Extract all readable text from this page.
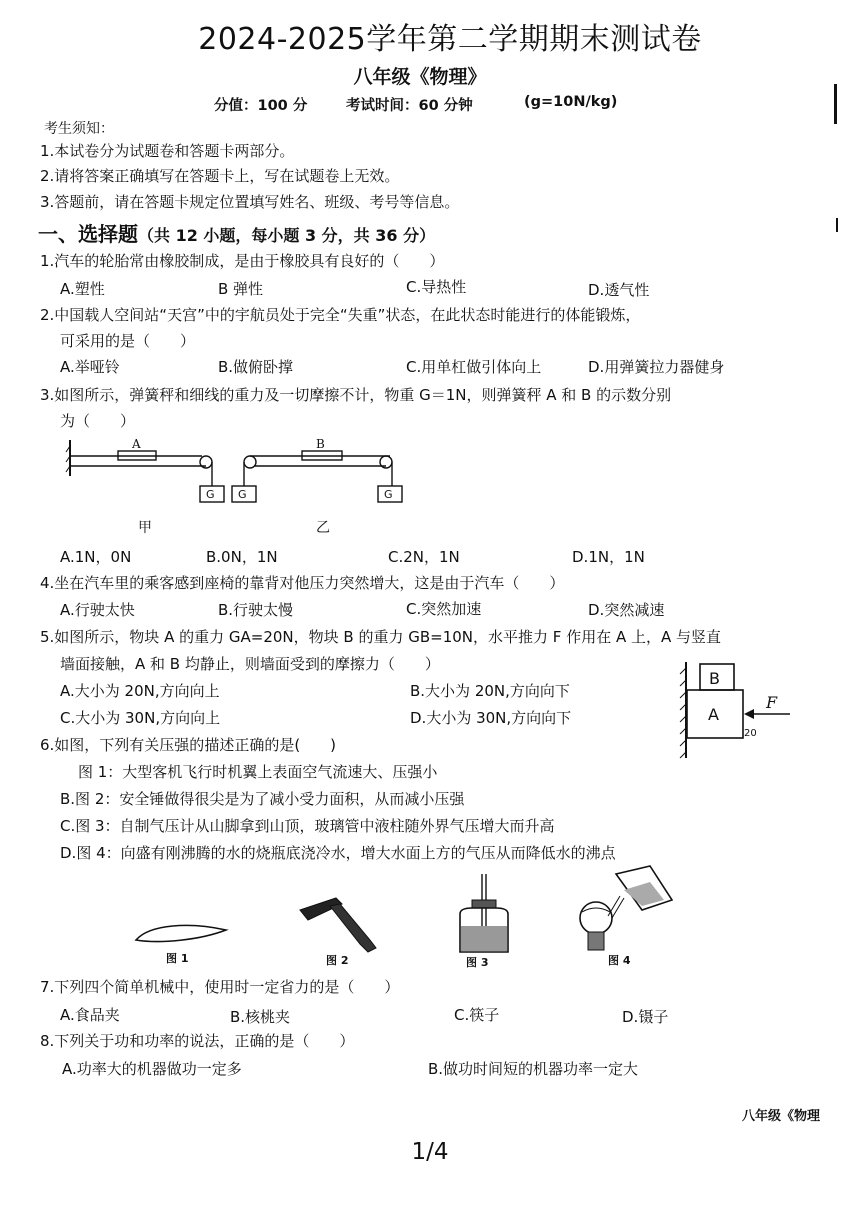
2024-2025学年第二学期期末测试卷
八年级《物理》
分值：100 分	考试时间：60 分钟	(g=10N/kg)
考生须知：
1.本试卷分为试题卷和答题卡两部分。
2.请将答案正确填写在答题卡上，写在试题卷上无效。
3.答题前，请在答题卡规定位置填写姓名、班级、考号等信息。
一、选择题（共 12 小题，每小题 3 分，共 36 分）
1.汽车的轮胎常由橡胶制成，是由于橡胶具有良好的（　　）
A.塑性	B 弹性	C.导热性	D.透气性
2.中国载人空间站“天宫”中的宇航员处于完全“失重”状态，在此状态时能进行的体能锻炼，
可采用的是（　　）
A.举哑铃	B.做俯卧撑	C.用单杠做引体向上	D.用弹簧拉力器健身
3.如图所示，弹簧秤和细线的重力及一切摩擦不计，物重 G＝1N，则弹簧秤 A 和 B 的示数分别
为（　　）
A
G
B
G	G
甲	乙
A.1N，0N	B.0N，1N	C.2N，1N	D.1N，1N
4.坐在汽车里的乘客感到座椅的靠背对他压力突然增大，这是由于汽车（　　）
A.行驶太快	B.行驶太慢	C.突然加速	D.突然减速
5.如图所示，物块 A 的重力 GA=20N，物块 B 的重力 GB=10N，水平推力 F 作用在 A 上，A 与竖直
墙面接触，A 和 B 均静止，则墙面受到的摩擦力（　　）
A.大小为 20N,方向向上	B.大小为 20N,方向向下
C.大小为 30N,方向向上	D.大小为 30N,方向向下
B
A
F
20
6.如图，下列有关压强的描述正确的是(　　)
图 1：大型客机飞行时机翼上表面空气流速大、压强小
B.图 2：安全锤做得很尖是为了减小受力面积，从而减小压强
C.图 3：自制气压计从山脚拿到山顶，玻璃管中液柱随外界气压增大而升高
D.图 4：向盛有刚沸腾的水的烧瓶底浇冷水，增大水面上方的气压从而降低水的沸点
图 1	图 2	图 3	图 4
7.下列四个简单机械中，使用时一定省力的是（　　）
A.食品夹	B.核桃夹	C.筷子	D.镊子
8.下列关于功和功率的说法，正确的是（　　）
A.功率大的机器做功一定多	B.做功时间短的机器功率一定大
八年级《物理
1/4
